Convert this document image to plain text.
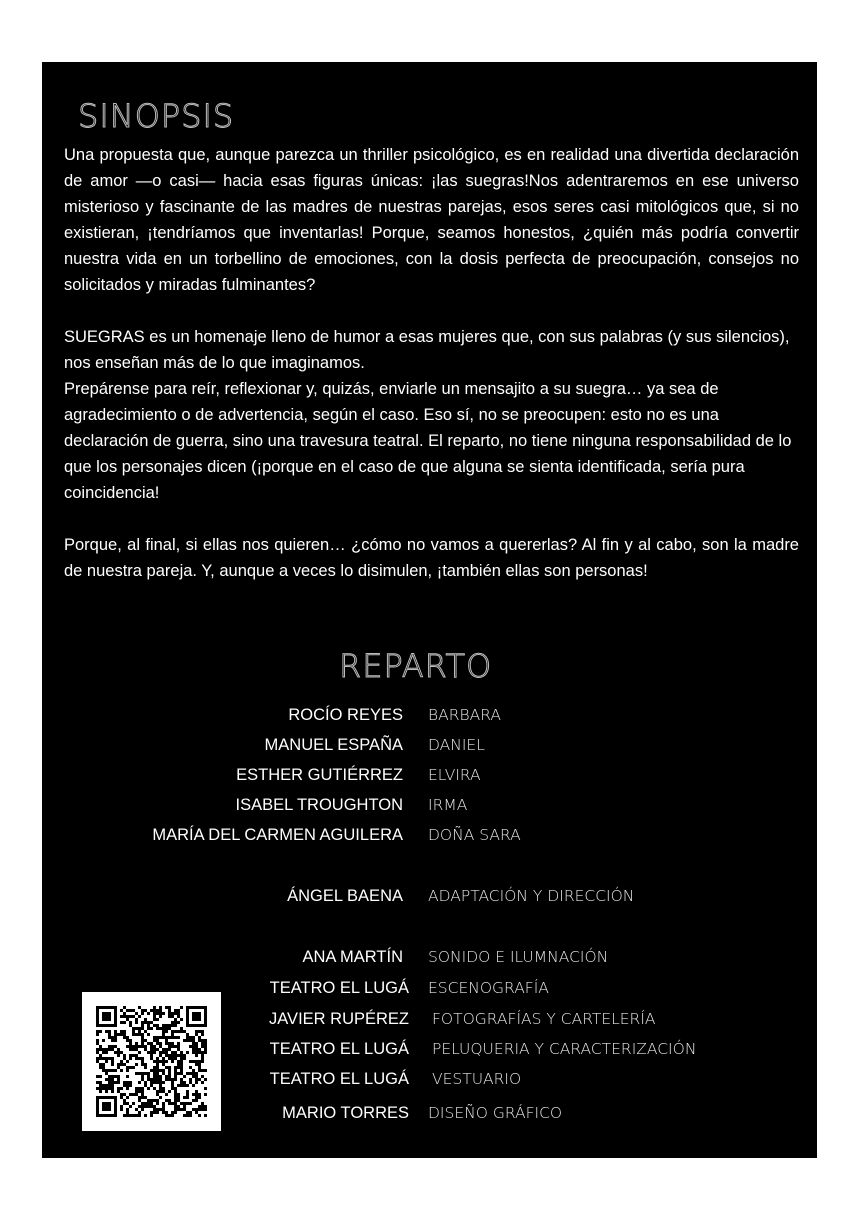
SINOPSIS

Una propuesta que, aunque parezca un thriller psicológico, es en realidad una divertida declaración de amor —o casi— hacia esas figuras únicas: ¡las suegras!Nos adentraremos en ese universo misterioso y fascinante de las madres de nuestras parejas, esos seres casi mitológicos que, si no existieran, ¡tendríamos que inventarlas! Porque, seamos honestos, ¿quién más podría convertir nuestra vida en un torbellino de emociones, con la dosis perfecta de preocupación, consejos no solicitados y miradas fulminantes?

SUEGRAS es un homenaje lleno de humor a esas mujeres que, con sus palabras (y sus silencios), nos enseñan más de lo que imaginamos.

Prepárense para reír, reflexionar y, quizás, enviarle un mensajito a su suegra… ya sea de agradecimiento o de advertencia, según el caso. Eso sí, no se preocupen: esto no es una declaración de guerra, sino una travesura teatral. El reparto, no tiene ninguna responsabilidad de lo que los personajes dicen (¡porque en el caso de que alguna se sienta identificada, sería pura coincidencia!

Porque, al final, si ellas nos quieren… ¿cómo no vamos a quererlas? Al fin y al cabo, son la madre de nuestra pareja. Y, aunque a veces lo disimulen, ¡también ellas son personas!

REPARTO
ROCÍO REYES BARBARA
MANUEL ESPAÑA DANIEL
ESTHER GUTIÉRREZ ELVIRA
ISABEL TROUGHTON IRMA
MARÍA DEL CARMEN AGUILERA DOÑA SARA
ÁNGEL BAENA ADAPTACIÓN Y DIRECCIÓN
ANA MARTÍN SONIDO E ILUMNACIÓN
TEATRO EL LUGÁ ESCENOGRAFÍA
JAVIER RUPÉREZ FOTOGRAFÍAS Y CARTELERÍA
TEATRO EL LUGÁ PELUQUERIA Y CARACTERIZACIÓN
TEATRO EL LUGÁ VESTUARIO
MARIO TORRES DISEÑO GRÁFICO
